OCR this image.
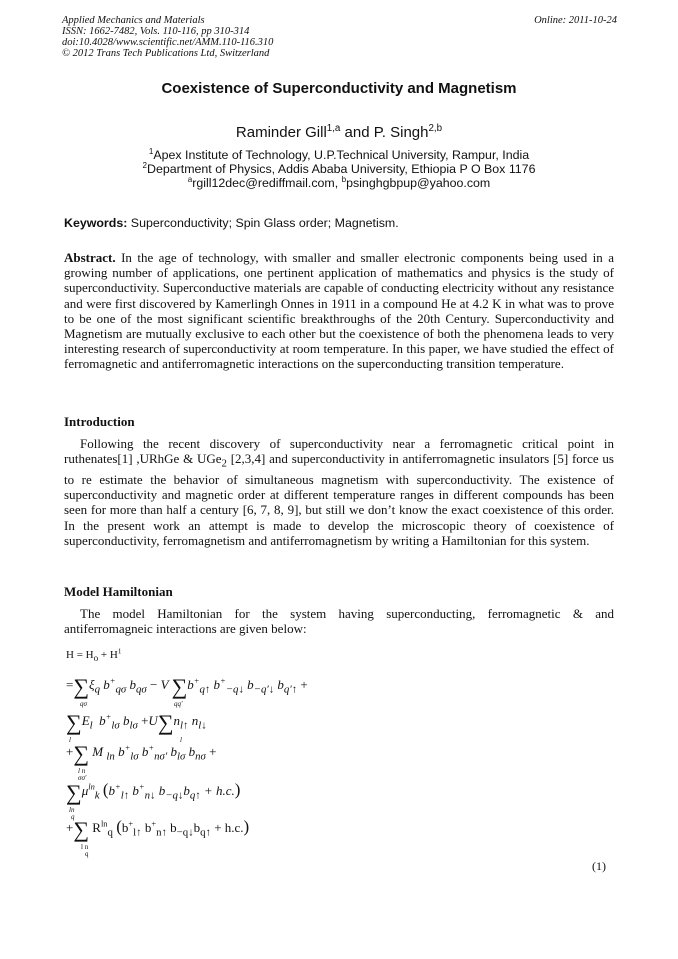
Applied Mechanics and Materials
ISSN: 1662-7482, Vols. 110-116, pp 310-314
doi:10.4028/www.scientific.net/AMM.110-116.310
© 2012 Trans Tech Publications Ltd, Switzerland
Online: 2011-10-24
Coexistence of Superconductivity and Magnetism
Raminder Gill$^{1,a}$ and P. Singh$^{2,b}$
$^1$Apex Institute of Technology, U.P.Technical University, Rampur, India
$^2$Department of Physics, Addis Ababa University, Ethiopia P O Box 1176
$^a$rgill12dec@rediffmail.com, $^b$psinghgbpup@yahoo.com
Keywords: Superconductivity; Spin Glass order; Magnetism.

Abstract. In the age of technology, with smaller and smaller electronic components being used in a growing number of applications, one pertinent application of mathematics and physics is the study of superconductivity. Superconductive materials are capable of conducting electricity without any resistance and were first discovered by Kamerlingh Onnes in 1911 in a compound He at 4.2 K in what was to prove to be one of the most significant scientific breakthroughs of the 20th Century. Superconductivity and Magnetism are mutually exclusive to each other but the coexistence of both the phenomena leads to very interesting research of superconductivity at room temperature. In this paper, we have studied the effect of ferromagnetic and antiferromagnetic interactions on the superconducting transition temperature.

Introduction

Following the recent discovery of superconductivity near a ferromagnetic critical point in ruthenates[1] ,URhGe & UGe$_2$ [2,3,4] and superconductivity in antiferromagnetic insulators [5] force us to re estimate the behavior of simultaneous magnetism with superconductivity. The existence of superconductivity and magnetic order at different temperature ranges in different compounds has been seen for more than half a century [6, 7, 8, 9], but still we don’t know the exact coexistence of this order. In the present work an attempt is made to develop the microscopic theory of coexistence of superconductivity, ferromagnetism and antiferromagnetism by writing a Hamiltonian for this system.

Model Hamiltonian

The model Hamiltonian for the system having superconducting, ferromagnetic & and antiferromagneic interactions are given below:

$H = H_o + H^1$
$=\sum\xi_q$ $b^+_{q\sigma}$ $b_{q\sigma} - V$ $\sum b^+_{q↑}$ $b^+_{-q↓}$ $b_{-q'↓}$ $b_{q'↑}$ +
qσ	qq′
$\sum E_l$  $b^+_{l\sigma}$ $b_{l\sigma} +U\sum n_{l↑}$ $n_{l↓}$
l	l
+∑ M $_{ln}$ $b^+_{l\sigma}$ $b^+_{n\sigma'}$ $b_{l\sigma}$ $b_{n\sigma}$ +
l n
σσ′
$\sum\mu^{ln}_k$ ($b^+_{l↑}$ $b^+_{n↓}$ $b_{-q↓}b_{q↑} + h.c$.)
ln
q
+∑ $R^{ln}_q$ ($b^+_{l↑}$ $b^+_{n↑}$ $b_{-q↓}b_{q↑} + h.c$.)
l n
q
(1)
